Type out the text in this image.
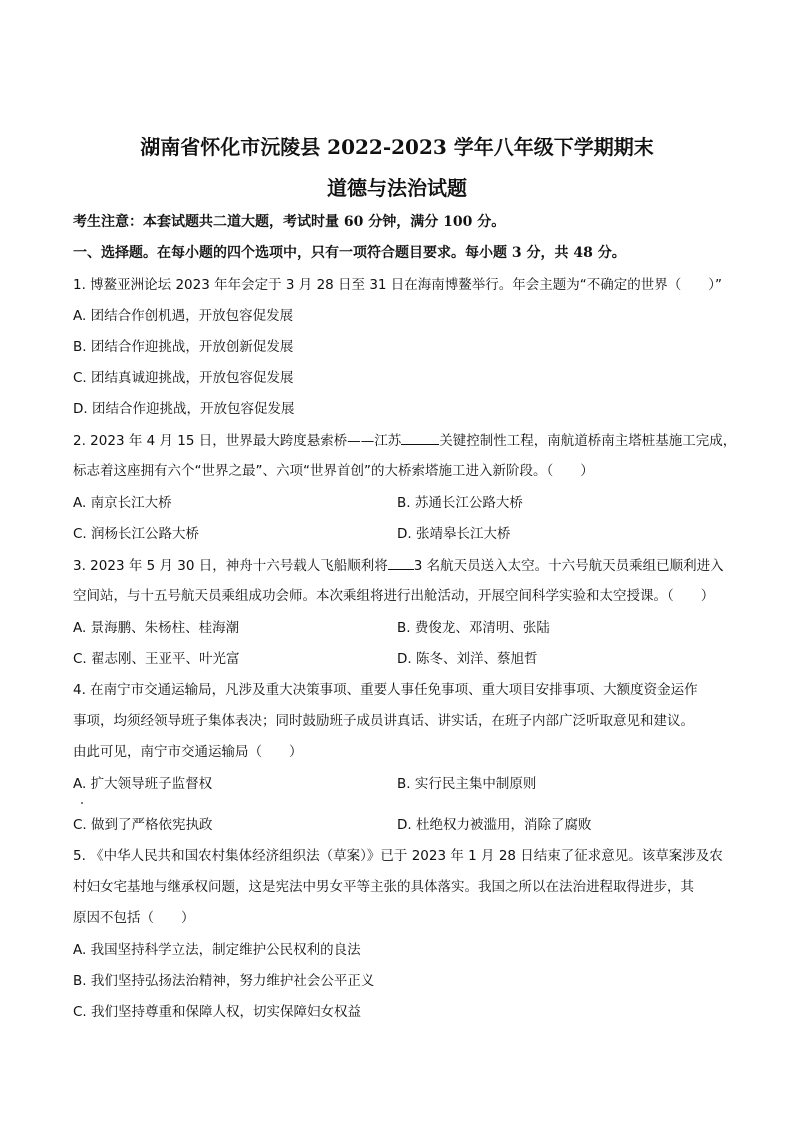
湖南省怀化市沅陵县 2022-2023 学年八年级下学期期末
道德与法治试题
考生注意：本套试题共二道大题，考试时量 60 分钟，满分 100 分。
一、选择题。在每小题的四个选项中，只有一项符合题目要求。每小题 3 分，共 48 分。
1. 博鳌亚洲论坛 2023 年年会定于 3 月 28 日至 31 日在海南博鳌举行。年会主题为“不确定的世界（　　）”
A. 团结合作创机遇，开放包容促发展
B. 团结合作迎挑战，开放创新促发展
C. 团结真诚迎挑战，开放包容促发展
D. 团结合作迎挑战，开放包容促发展
2. 2023 年 4 月 15 日，世界最大跨度悬索桥——江苏	关键控制性工程，南航道桥南主塔桩基施工完成，
标志着这座拥有六个“世界之最”、六项“世界首创”的大桥索塔施工进入新阶段。（　　）
A. 南京长江大桥	B. 苏通长江公路大桥
C. 润杨长江公路大桥	D. 张靖皋长江大桥
3. 2023 年 5 月 30 日，神舟十六号载人飞船顺利将 3 名航天员送入太空。十六号航天员乘组已顺利进入
空间站，与十五号航天员乘组成功会师。本次乘组将进行出舱活动，开展空间科学实验和太空授课。（　　）
A. 景海鹏、朱杨柱、桂海潮	B. 费俊龙、邓清明、张陆
C. 翟志刚、王亚平、叶光富	D. 陈冬、刘洋、蔡旭哲
4. 在南宁市交通运输局，凡涉及重大决策事项、重要人事任免事项、重大项目安排事项、大额度资金运作
事项，均须经领导班子集体表决；同时鼓励班子成员讲真话、讲实话，在班子内部广泛听取意见和建议。
由此可见，南宁市交通运输局（　　）
A. 扩大领导班子监督权	B. 实行民主集中制原则
C. 做到了严格依宪执政	D. 杜绝权力被滥用，消除了腐败
5. 《中华人民共和国农村集体经济组织法（草案）》已于 2023 年 1 月 28 日结束了征求意见。该草案涉及农
村妇女宅基地与继承权问题，这是宪法中男女平等主张的具体落实。我国之所以在法治进程取得进步，其
原因不包括（　　）
A. 我国坚持科学立法，制定维护公民权利的良法
B. 我们坚持弘扬法治精神，努力维护社会公平正义
C. 我们坚持尊重和保障人权，切实保障妇女权益
